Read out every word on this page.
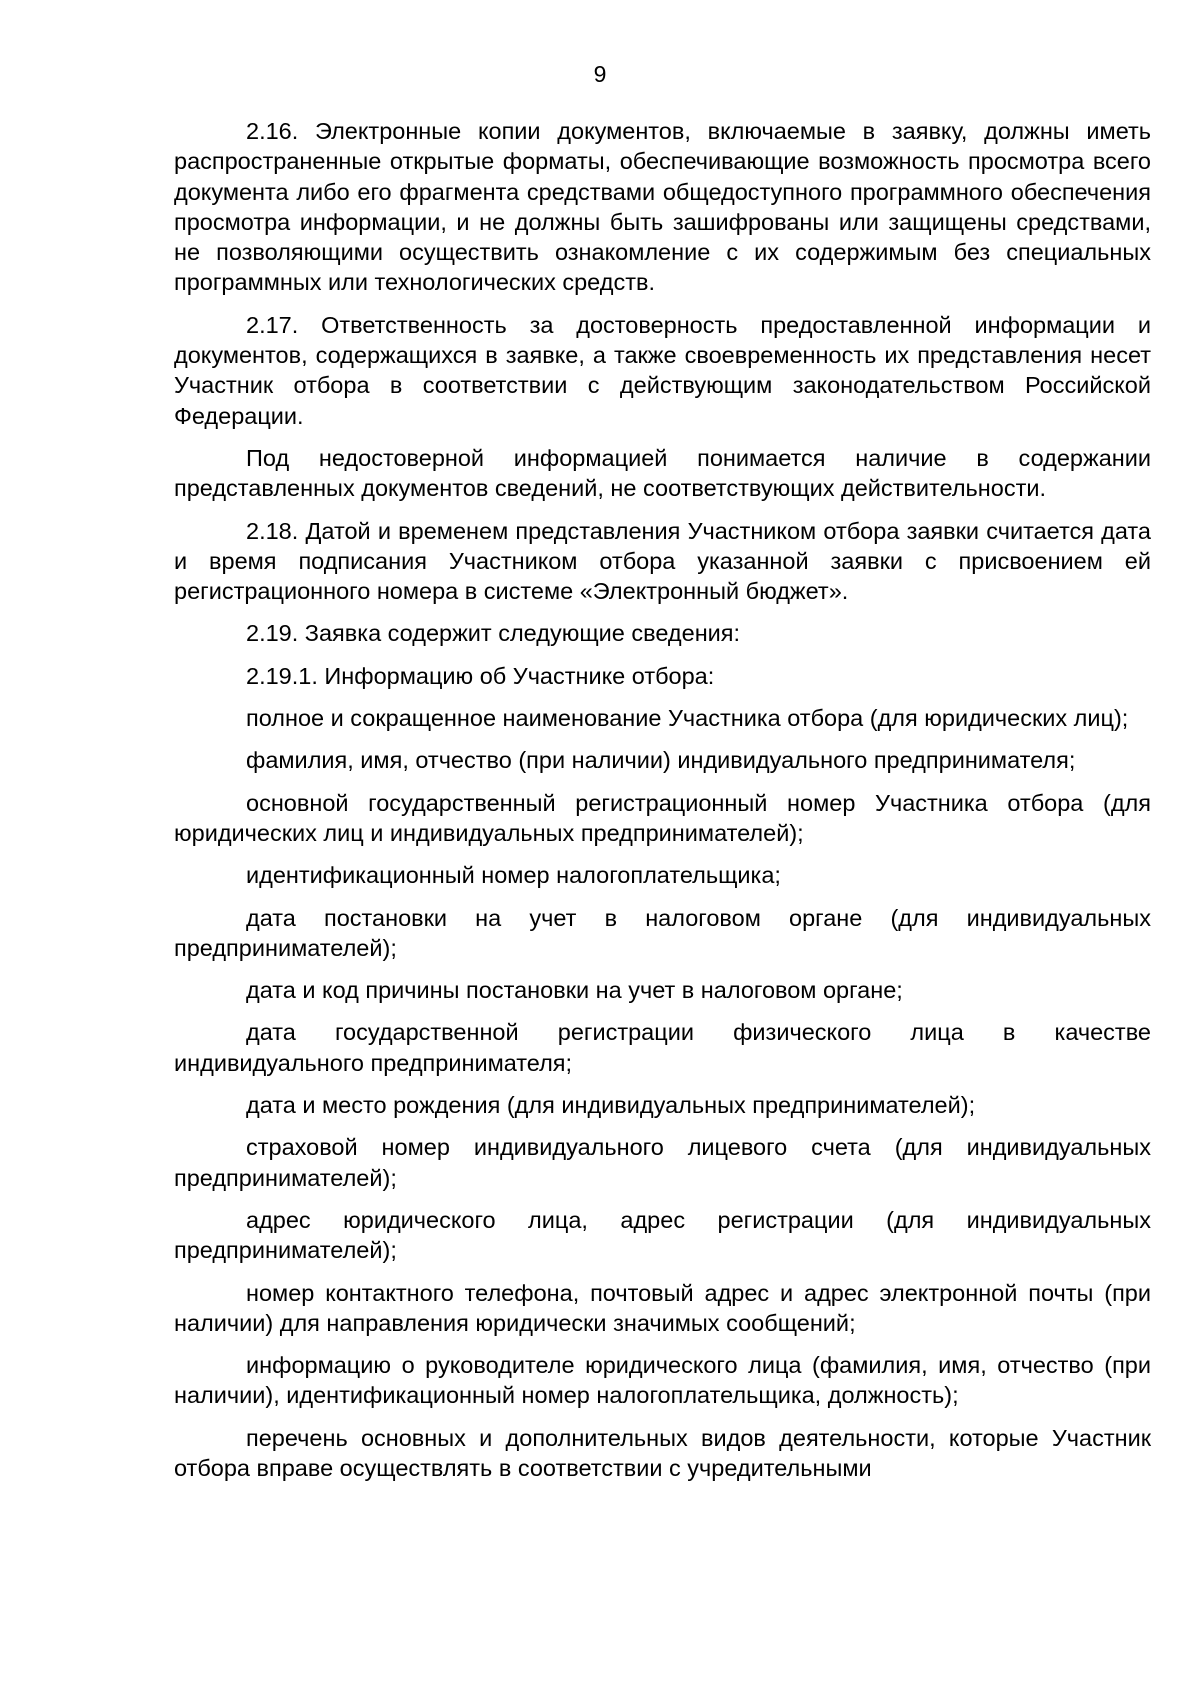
9

2.16. Электронные копии документов, включаемые в заявку, должны иметь распространенные открытые форматы, обеспечивающие возможность просмотра всего документа либо его фрагмента средствами общедоступного программного обеспечения просмотра информации, и не должны быть зашифрованы или защищены средствами, не позволяющими осуществить ознакомление с их содержимым без специальных программных или технологических средств.

2.17. Ответственность за достоверность предоставленной информации и документов, содержащихся в заявке, а также своевременность их представления несет Участник отбора в соответствии с действующим законодательством Российской Федерации.

Под недостоверной информацией понимается наличие в содержании представленных документов сведений, не соответствующих действительности.

2.18. Датой и временем представления Участником отбора заявки считается дата и время подписания Участником отбора указанной заявки с присвоением ей регистрационного номера в системе «Электронный бюджет».

2.19. Заявка содержит следующие сведения:

2.19.1. Информацию об Участнике отбора:

полное и сокращенное наименование Участника отбора (для юридических лиц);

фамилия, имя, отчество (при наличии) индивидуального предпринимателя;

основной государственный регистрационный номер Участника отбора (для юридических лиц и индивидуальных предпринимателей);

идентификационный номер налогоплательщика;

дата постановки на учет в налоговом органе (для индивидуальных предпринимателей);

дата и код причины постановки на учет в налоговом органе;

дата государственной регистрации физического лица в качестве индивидуального предпринимателя;

дата и место рождения (для индивидуальных предпринимателей);

страховой номер индивидуального лицевого счета (для индивидуальных предпринимателей);

адрес юридического лица, адрес регистрации (для индивидуальных предпринимателей);

номер контактного телефона, почтовый адрес и адрес электронной почты (при наличии) для направления юридически значимых сообщений;

информацию о руководителе юридического лица (фамилия, имя, отчество (при наличии), идентификационный номер налогоплательщика, должность);

перечень основных и дополнительных видов деятельности, которые Участник отбора вправе осуществлять в соответствии с учредительными
